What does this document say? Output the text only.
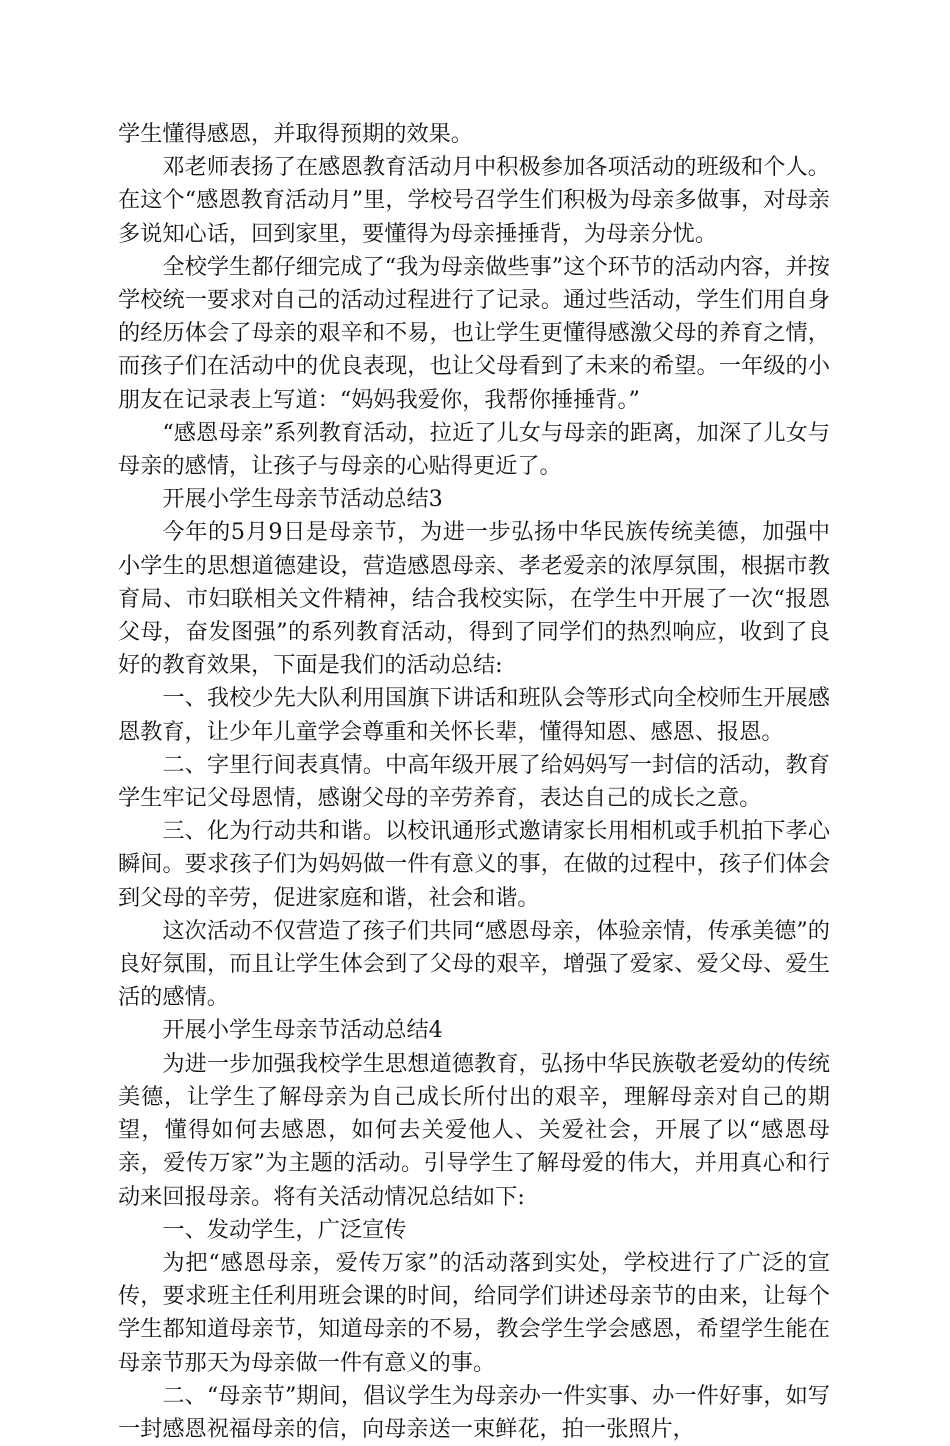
学生懂得感恩，并取得预期的效果。

邓老师表扬了在感恩教育活动月中积极参加各项活动的班级和个人。在这个“感恩教育活动月”里，学校号召学生们积极为母亲多做事，对母亲多说知心话，回到家里，要懂得为母亲捶捶背，为母亲分忧。

全校学生都仔细完成了“我为母亲做些事”这个环节的活动内容，并按学校统一要求对自己的活动过程进行了记录。通过些活动，学生们用自身的经历体会了母亲的艰辛和不易，也让学生更懂得感激父母的养育之情，而孩子们在活动中的优良表现，也让父母看到了未来的希望。一年级的小朋友在记录表上写道：“妈妈我爱你，我帮你捶捶背。”

“感恩母亲”系列教育活动，拉近了儿女与母亲的距离，加深了儿女与母亲的感情，让孩子与母亲的心贴得更近了。

开展小学生母亲节活动总结3

今年的5月9日是母亲节，为进一步弘扬中华民族传统美德，加强中小学生的思想道德建设，营造感恩母亲、孝老爱亲的浓厚氛围，根据市教育局、市妇联相关文件精神，结合我校实际，在学生中开展了一次“报恩父母，奋发图强”的系列教育活动，得到了同学们的热烈响应，收到了良好的教育效果，下面是我们的活动总结:

一、我校少先大队利用国旗下讲话和班队会等形式向全校师生开展感恩教育，让少年儿童学会尊重和关怀长辈，懂得知恩、感恩、报恩。

二、字里行间表真情。中高年级开展了给妈妈写一封信的活动，教育学生牢记父母恩情，感谢父母的辛劳养育，表达自己的成长之意。

三、化为行动共和谐。以校讯通形式邀请家长用相机或手机拍下孝心瞬间。要求孩子们为妈妈做一件有意义的事，在做的过程中，孩子们体会到父母的辛劳，促进家庭和谐，社会和谐。

这次活动不仅营造了孩子们共同“感恩母亲，体验亲情，传承美德”的良好氛围，而且让学生体会到了父母的艰辛，增强了爱家、爱父母、爱生活的感情。

开展小学生母亲节活动总结4

为进一步加强我校学生思想道德教育，弘扬中华民族敬老爱幼的传统美德，让学生了解母亲为自己成长所付出的艰辛，理解母亲对自己的期望，懂得如何去感恩，如何去关爱他人、关爱社会，开展了以“感恩母亲，爱传万家”为主题的活动。引导学生了解母爱的伟大，并用真心和行动来回报母亲。将有关活动情况总结如下:

一、发动学生，广泛宣传

为把“感恩母亲，爱传万家”的活动落到实处，学校进行了广泛的宣传，要求班主任利用班会课的时间，给同学们讲述母亲节的由来，让每个学生都知道母亲节，知道母亲的不易，教会学生学会感恩，希望学生能在母亲节那天为母亲做一件有意义的事。

二、“母亲节”期间，倡议学生为母亲办一件实事、办一件好事，如写一封感恩祝福母亲的信，向母亲送一束鲜花，拍一张照片，
